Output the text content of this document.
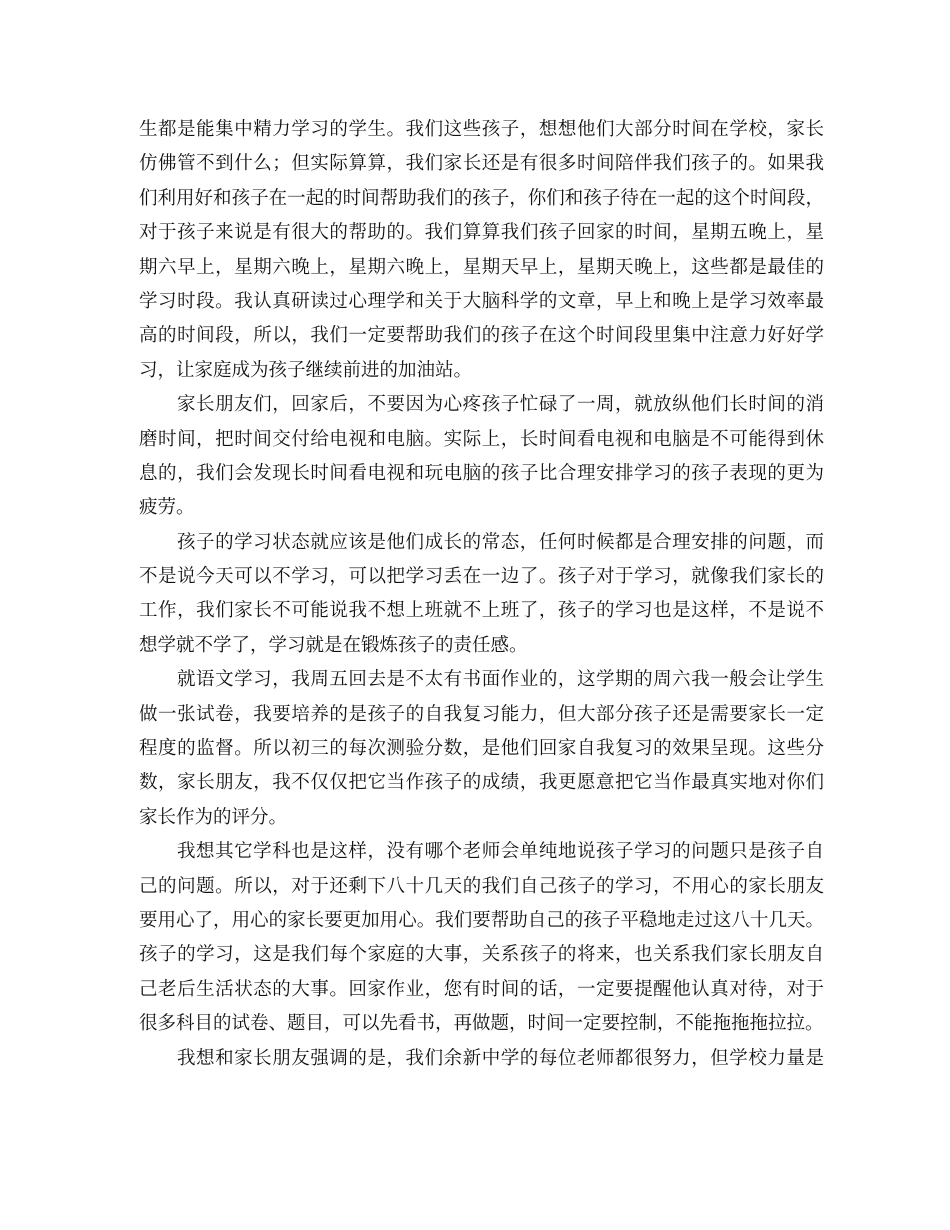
生都是能集中精力学习的学生。我们这些孩子，想想他们大部分时间在学校，家长
仿佛管不到什么；但实际算算，我们家长还是有很多时间陪伴我们孩子的。如果我
们利用好和孩子在一起的时间帮助我们的孩子，你们和孩子待在一起的这个时间段，
对于孩子来说是有很大的帮助的。我们算算我们孩子回家的时间，星期五晚上，星
期六早上，星期六晚上，星期六晚上，星期天早上，星期天晚上，这些都是最佳的
学习时段。我认真研读过心理学和关于大脑科学的文章，早上和晚上是学习效率最
高的时间段，所以，我们一定要帮助我们的孩子在这个时间段里集中注意力好好学
习，让家庭成为孩子继续前进的加油站。
家长朋友们，回家后，不要因为心疼孩子忙碌了一周，就放纵他们长时间的消
磨时间，把时间交付给电视和电脑。实际上，长时间看电视和电脑是不可能得到休
息的，我们会发现长时间看电视和玩电脑的孩子比合理安排学习的孩子表现的更为
疲劳。
孩子的学习状态就应该是他们成长的常态，任何时候都是合理安排的问题，而
不是说今天可以不学习，可以把学习丢在一边了。孩子对于学习，就像我们家长的
工作，我们家长不可能说我不想上班就不上班了，孩子的学习也是这样，不是说不
想学就不学了，学习就是在锻炼孩子的责任感。
就语文学习，我周五回去是不太有书面作业的，这学期的周六我一般会让学生
做一张试卷，我要培养的是孩子的自我复习能力，但大部分孩子还是需要家长一定
程度的监督。所以初三的每次测验分数，是他们回家自我复习的效果呈现。这些分
数，家长朋友，我不仅仅把它当作孩子的成绩，我更愿意把它当作最真实地对你们
家长作为的评分。
我想其它学科也是这样，没有哪个老师会单纯地说孩子学习的问题只是孩子自
己的问题。所以，对于还剩下八十几天的我们自己孩子的学习，不用心的家长朋友
要用心了，用心的家长要更加用心。我们要帮助自己的孩子平稳地走过这八十几天。
孩子的学习，这是我们每个家庭的大事，关系孩子的将来，也关系我们家长朋友自
己老后生活状态的大事。回家作业，您有时间的话，一定要提醒他认真对待，对于
很多科目的试卷、题目，可以先看书，再做题，时间一定要控制，不能拖拖拖拉拉。
我想和家长朋友强调的是，我们余新中学的每位老师都很努力，但学校力量是
